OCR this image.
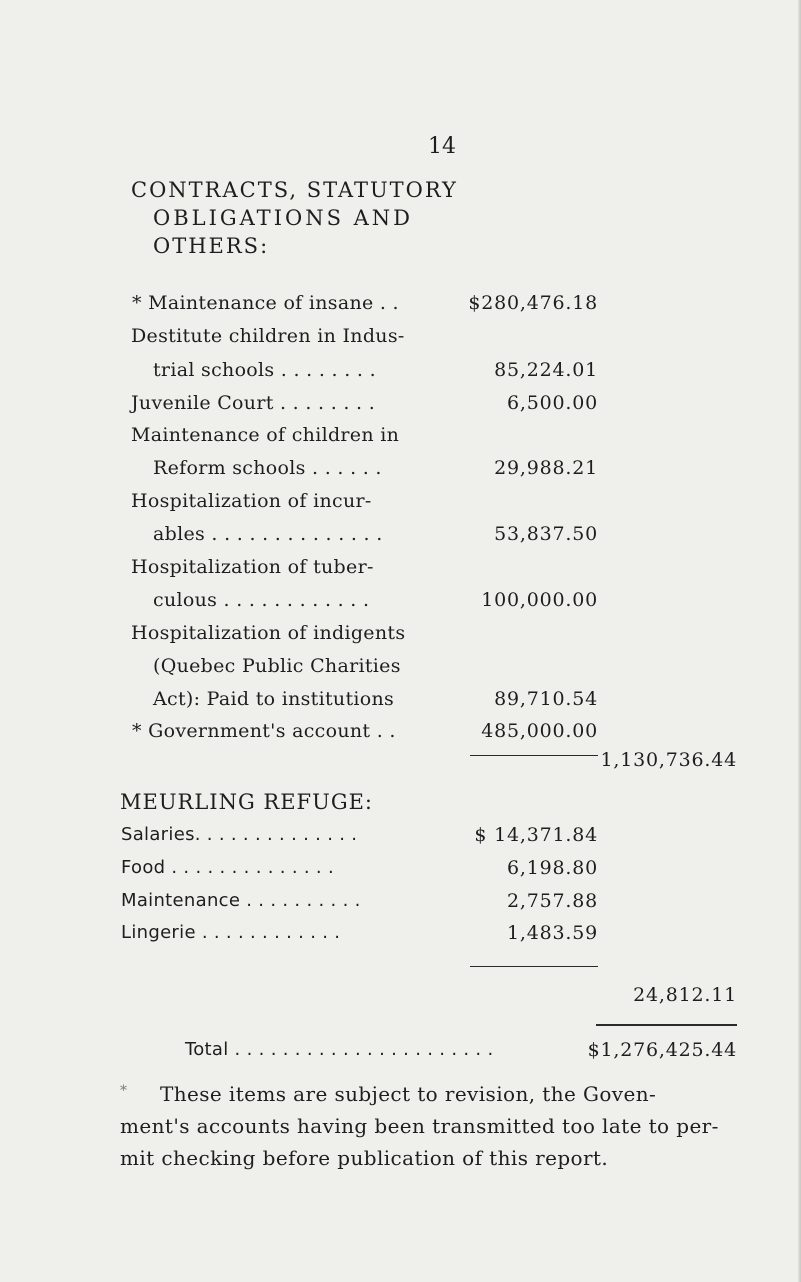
14
CONTRACTS, STATUTORY
OBLIGATIONS AND
OTHERS:
* Maintenance of insane . .	$280,476.18
Destitute children in Indus-
trial schools . . . . . . . .	85,224.01
Juvenile Court . . . . . . . .	6,500.00
Maintenance of children in
Reform schools . . . . . .	29,988.21
Hospitalization of incur-
ables . . . . . . . . . . . . . .	53,837.50
Hospitalization of tuber-
culous . . . . . . . . . . . .	100,000.00
Hospitalization of indigents
(Quebec Public Charities
Act): Paid to institutions	89,710.54
* Government's account . .	485,000.00
1,130,736.44
MEURLING REFUGE:
Salaries. . . . . . . . . . . . . .	$ 14,371.84
Food . . . . . . . . . . . . . .	6,198.80
Maintenance . . . . . . . . . .	2,757.88
Lingerie . . . . . . . . . . . .	1,483.59
24,812.11
Total . . . . . . . . . . . . . . . . . . . . . .	$1,276,425.44
*	These items are subject to revision, the Goven-
ment's accounts having been transmitted too late to per-
mit checking before publication of this report.
